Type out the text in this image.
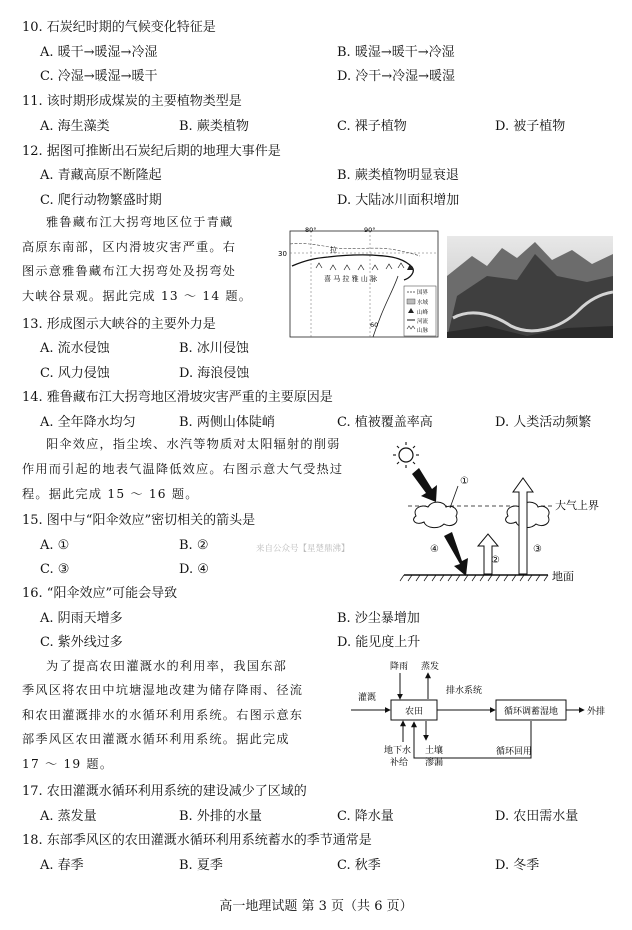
10. 石炭纪时期的气候变化特征是
A. 暖干→暖湿→冷湿	B. 暖湿→暖干→冷湿
C. 冷湿→暖湿→暖干	D. 冷干→冷湿→暖湿
11. 该时期形成煤炭的主要植物类型是
A. 海生藻类	B. 蕨类植物	C. 裸子植物	D. 被子植物
12. 据图可推断出石炭纪后期的地理大事件是
A. 青藏高原不断隆起	B. 蕨类植物明显衰退
C. 爬行动物繁盛时期	D. 大陆冰川面积增加
雅鲁藏布江大拐弯地区位于青藏
高原东南部，区内滑坡灾害严重。右
图示意雅鲁藏布江大拐弯处及拐弯处
大峡谷景观。据此完成 13 ～ 14 题。	国界
水域
山峰
河流
山脉
30
80°	90°
拉
喜 马 拉 雅 山 脉
60
13. 形成图示大峡谷的主要外力是
A. 流水侵蚀	B. 冰川侵蚀
C. 风力侵蚀	D. 海浪侵蚀
14. 雅鲁藏布江大拐弯地区滑坡灾害严重的主要原因是
A. 全年降水均匀	B. 两侧山体陡峭	C. 植被覆盖率高	D. 人类活动频繁
阳伞效应，指尘埃、水汽等物质对太阳辐射的削弱
作用而引起的地表气温降低效应。右图示意大气受热过
程。据此完成 15 ～ 16 题。
大气上界
地面
①
④
②
③
15. 图中与“阳伞效应”密切相关的箭头是
A. ①	B. ②
C. ③	D. ④
来自公众号【星楚鼎沸】
16. “阳伞效应”可能会导致
A. 阴雨天增多	B. 沙尘暴增加
C. 紫外线过多	D. 能见度上升
为了提高农田灌溉水的利用率，我国东部
季风区将农田中坑塘湿地改建为储存降雨、径流
和农田灌溉排水的水循环利用系统。右图示意东
部季风区农田灌溉水循环利用系统。据此完成
17 ～ 19 题。
农田	循环调蓄湿地
降雨 蒸发
灌溉
排水系统
外排
地下水
补给
土壤
渗漏
循环回用
17. 农田灌溉水循环利用系统的建设减少了区域的
A. 蒸发量	B. 外排的水量	C. 降水量	D. 农田需水量
18. 东部季风区的农田灌溉水循环利用系统蓄水的季节通常是
A. 春季	B. 夏季	C. 秋季	D. 冬季
高一地理试题 第 3 页（共 6 页）
